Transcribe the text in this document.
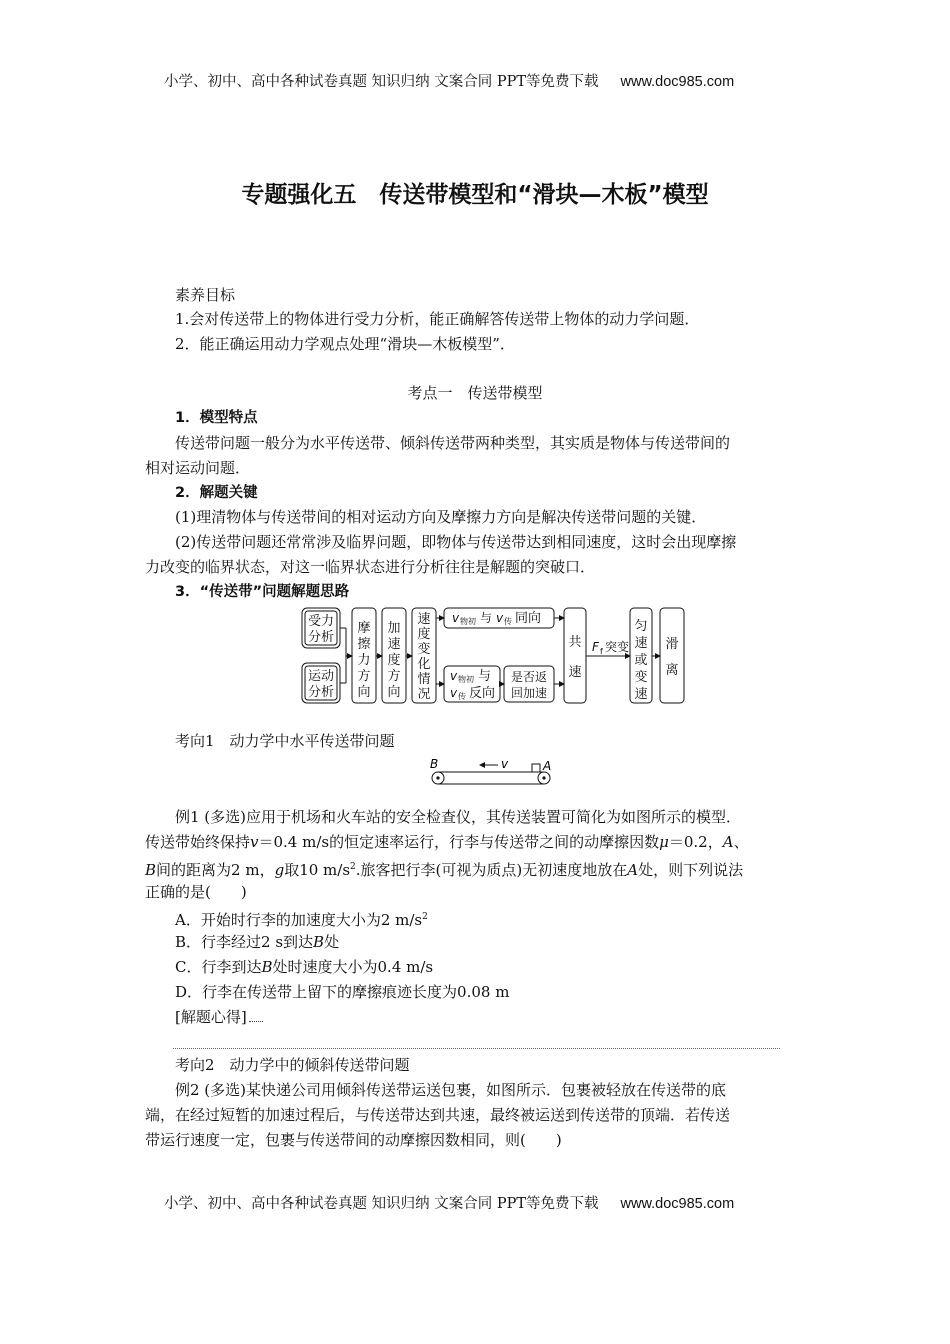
小学、初中、高中各种试卷真题 知识归纳 文案合同 PPT等免费下载 www.doc985.com
专题强化五　传送带模型和“滑块—木板”模型
素养目标
1.会对传送带上的物体进行受力分析，能正确解答传送带上物体的动力学问题．
2．能正确运用动力学观点处理“滑块—木板模型”．
考点一　传送带模型
1．模型特点
传送带问题一般分为水平传送带、倾斜传送带两种类型，其实质是物体与传送带间的
相对运动问题．
2．解题关键
(1)理清物体与传送带间的相对运动方向及摩擦力方向是解决传送带问题的关键．
(2)传送带问题还常常涉及临界问题，即物体与传送带达到相同速度，这时会出现摩擦
力改变的临界状态，对这一临界状态进行分析往往是解题的突破口．
3．“传送带”问题解题思路
受力
分析
运动
分析
摩
擦
力
方
向
加
速
度
方
向
速
度
变
化
情
况
共
速
匀
速
或
变
速
滑
离
是否返
回加速
v 物初 与 v 传 同向
v 物初 与
v 传 反向
F f 突变
考向1　动力学中水平传送带问题
B	A
v
例1 (多选)应用于机场和火车站的安全检查仪，其传送装置可简化为如图所示的模型．
传送带始终保持v＝0.4 m/s的恒定速率运行，行李与传送带之间的动摩擦因数μ＝0.2，A、
B间的距离为2 m，g取10 $m/s^2$.旅客把行李(可视为质点)无初速度地放在A处，则下列说法
正确的是(　　)
A．开始时行李的加速度大小为2 $m/s^2$
B．行李经过2 s到达B处
C．行李到达B处时速度大小为0.4 m/s
D．行李在传送带上留下的摩擦痕迹长度为0.08 m
[解题心得]
考向2　动力学中的倾斜传送带问题
例2 (多选)某快递公司用倾斜传送带运送包裹，如图所示．包裹被轻放在传送带的底
端，在经过短暂的加速过程后，与传送带达到共速，最终被运送到传送带的顶端．若传送
带运行速度一定，包裹与传送带间的动摩擦因数相同，则(　　)
小学、初中、高中各种试卷真题 知识归纳 文案合同 PPT等免费下载 www.doc985.com
